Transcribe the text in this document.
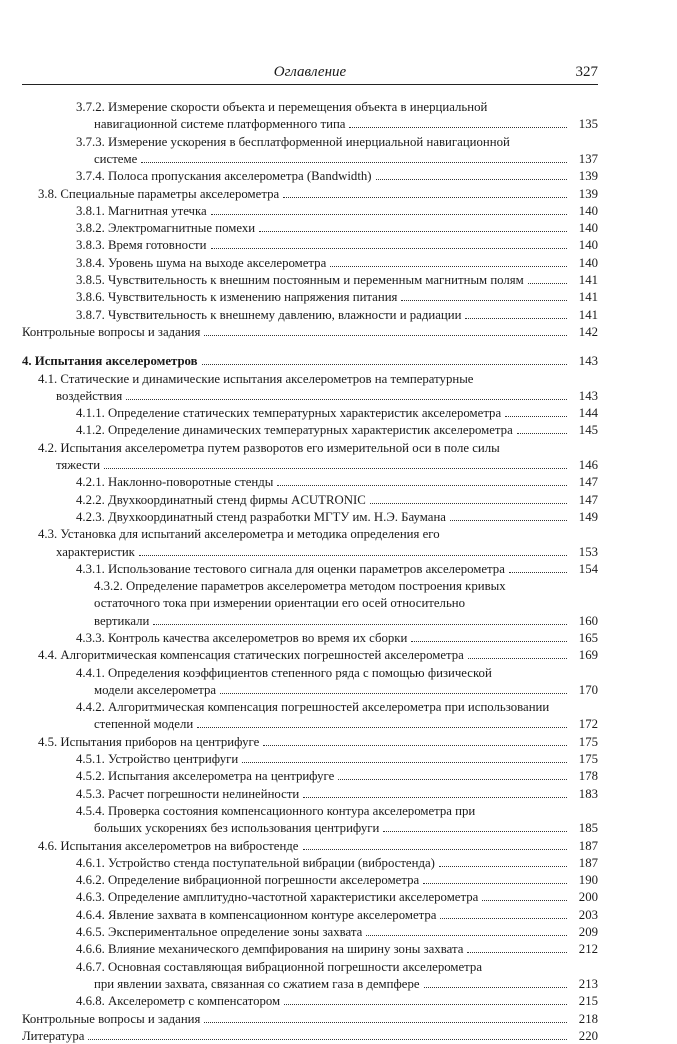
Оглавление	327
3.7.2. Измерение скорости объекта и перемещения объекта в инерциальной
навигационной системе платформенного типа	135
3.7.3. Измерение ускорения в бесплатформенной инерциальной навигационной
системе	137
3.7.4. Полоса пропускания акселерометра (Bandwidth)	139
3.8. Специальные параметры акселерометра	139
3.8.1. Магнитная утечка	140
3.8.2. Электромагнитные помехи	140
3.8.3. Время готовности	140
3.8.4. Уровень шума на выходе акселерометра	140
3.8.5. Чувствительность к внешним постоянным и переменным магнитным полям	141
3.8.6. Чувствительность к изменению напряжения питания	141
3.8.7. Чувствительность к внешнему давлению, влажности и радиации	141
Контрольные вопросы и задания	142
4. Испытания акселерометров	143
4.1. Статические и динамические испытания акселерометров на температурные
воздействия	143
4.1.1. Определение статических температурных характеристик акселерометра	144
4.1.2. Определение динамических температурных характеристик акселерометра	145
4.2. Испытания акселерометра путем разворотов его измерительной оси в поле силы
тяжести	146
4.2.1. Наклонно-поворотные стенды	147
4.2.2. Двухкоординатный стенд фирмы ACUTRONIC	147
4.2.3. Двухкоординатный стенд разработки МГТУ им. Н.Э. Баумана	149
4.3. Установка для испытаний акселерометра и методика определения его
характеристик	153
4.3.1. Использование тестового сигнала для оценки параметров акселерометра	154
4.3.2. Определение параметров акселерометра методом построения кривых
остаточного тока при измерении ориентации его осей относительно
вертикали	160
4.3.3. Контроль качества акселерометров во время их сборки	165
4.4. Алгоритмическая компенсация статических погрешностей акселерометра	169
4.4.1. Определения коэффициентов степенного ряда с помощью физической
модели акселерометра	170
4.4.2. Алгоритмическая компенсация погрешностей акселерометра при использовании
степенной модели	172
4.5. Испытания приборов на центрифуге	175
4.5.1. Устройство центрифуги	175
4.5.2. Испытания акселерометра на центрифуге	178
4.5.3. Расчет погрешности нелинейности	183
4.5.4. Проверка состояния компенсационного контура акселерометра при
больших ускорениях без использования центрифуги	185
4.6. Испытания акселерометров на вибростенде	187
4.6.1. Устройство стенда поступательной вибрации (вибростенда)	187
4.6.2. Определение вибрационной погрешности акселерометра	190
4.6.3. Определение амплитудно-частотной характеристики акселерометра	200
4.6.4. Явление захвата в компенсационном контуре акселерометра	203
4.6.5. Экспериментальное определение зоны захвата	209
4.6.6. Влияние механического демпфирования на ширину зоны захвата	212
4.6.7. Основная составляющая вибрационной погрешности акселерометра
при явлении захвата, связанная со сжатием газа в демпфере	213
4.6.8. Акселерометр с компенсатором	215
Контрольные вопросы и задания	218
Литература	220
